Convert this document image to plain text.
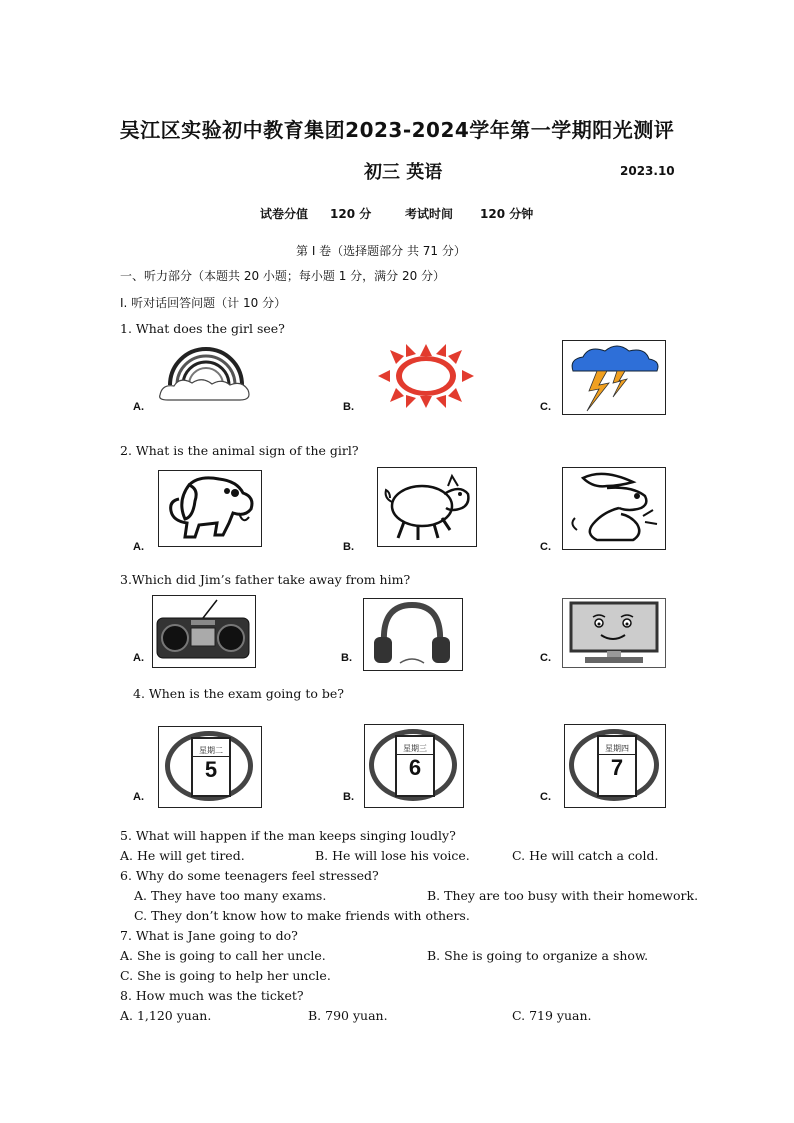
吴江区实验初中教育集团2023-2024学年第一学期阳光测评
初三 英语	2023.10
试卷分值 120 分	考试时间 120 分钟
第 I 卷（选择题部分 共 71 分）
一、听力部分（本题共 20 小题；每小题 1 分，满分 20 分）
I. 听对话回答问题（计 10 分）
1. What does the girl see?
A.	B.	C.
2. What is the animal sign of the girl?
A.	B.	C.
3.Which did Jim’s father take away from him?
A.	B.	C.
4. When is the exam going to be?
A.	B.	C.
星期二
5
星期三
6
星期四
7
5. What will happen if the man keeps singing loudly?
A. He will get tired.	B. He will lose his voice.	C. He will catch a cold.
6. Why do some teenagers feel stressed?
A. They have too many exams.	B. They are too busy with their homework.
C. They don’t know how to make friends with others.
7. What is Jane going to do?
A. She is going to call her uncle.	B. She is going to organize a show.
C. She is going to help her uncle.
8. How much was the ticket?
A. 1,120 yuan.	B. 790 yuan.	C. 719 yuan.
